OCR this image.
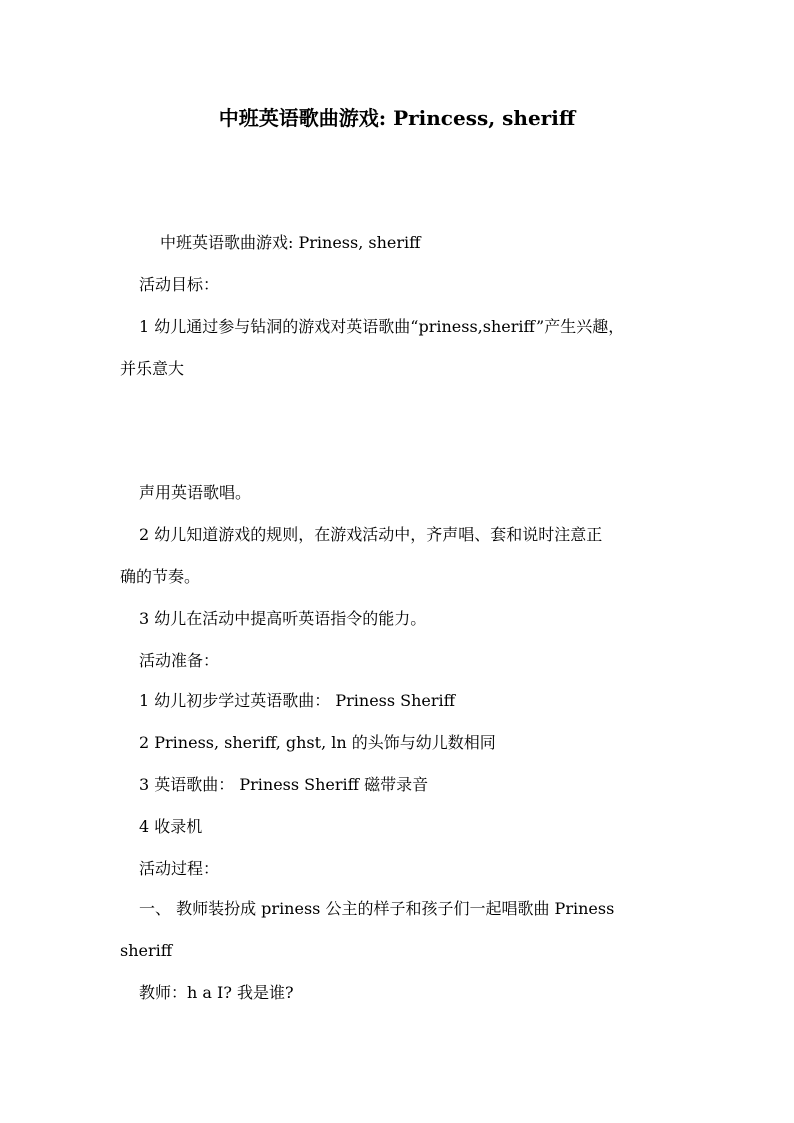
中班英语歌曲游戏: Princess, sheriff
中班英语歌曲游戏: Priness, sheriff
活动目标：
1 幼儿通过参与钻洞的游戏对英语歌曲“priness,sheriff”产生兴趣，
并乐意大
声用英语歌唱。
2 幼儿知道游戏的规则，在游戏活动中，齐声唱、套和说时注意正
确的节奏。
3 幼儿在活动中提高听英语指令的能力。
活动准备：
1 幼儿初步学过英语歌曲： Priness Sheriff
2 Priness, sheriff, ghst, ln 的头饰与幼儿数相同
3 英语歌曲： Priness Sheriff 磁带录音
4 收录机
活动过程：
一、 教师装扮成 priness 公主的样子和孩子们一起唱歌曲 Priness
sheriff
教师：h a I? 我是谁?
